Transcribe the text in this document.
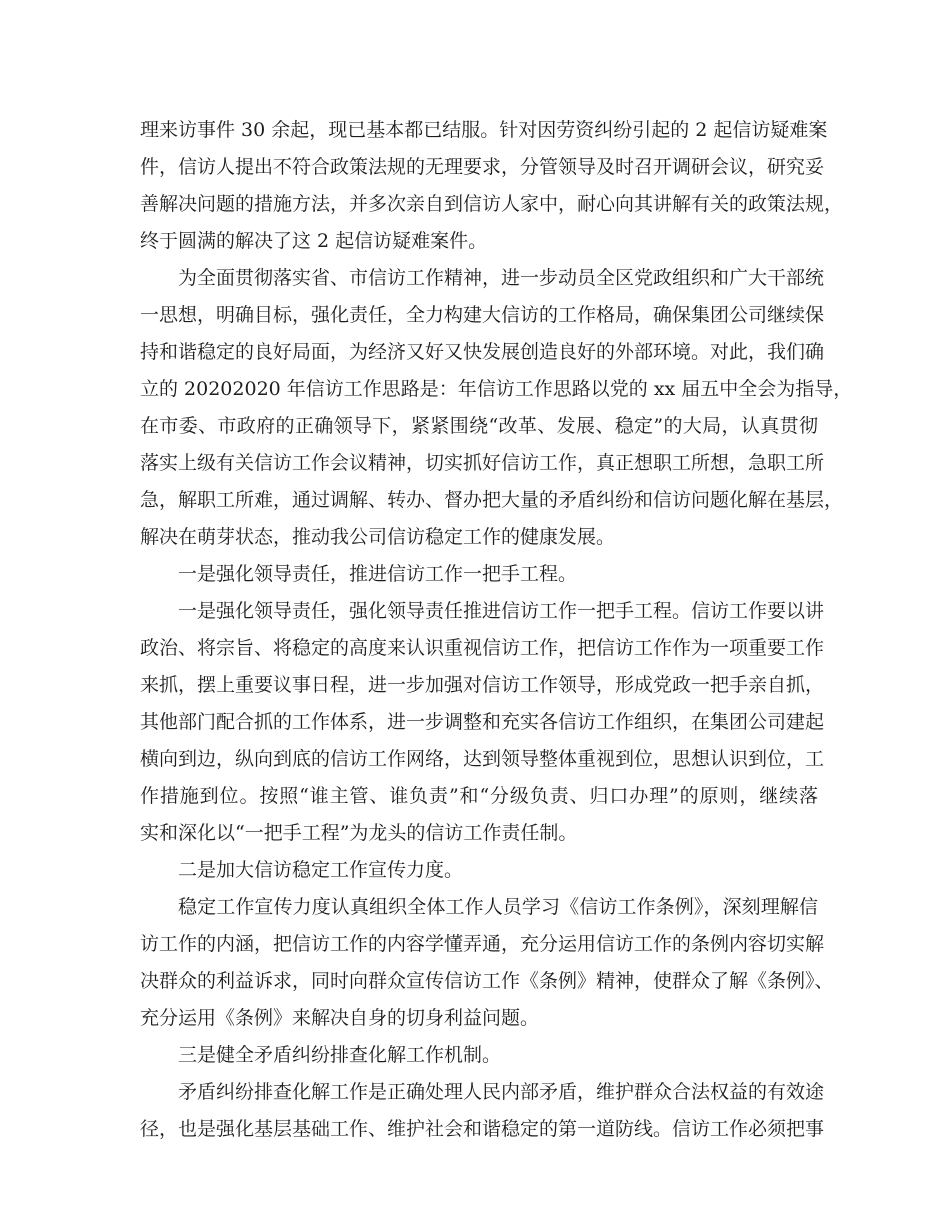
理来访事件 30 余起，现已基本都已结服。针对因劳资纠纷引起的 2 起信访疑难案
件，信访人提出不符合政策法规的无理要求，分管领导及时召开调研会议，研究妥
善解决问题的措施方法，并多次亲自到信访人家中，耐心向其讲解有关的政策法规，
终于圆满的解决了这 2 起信访疑难案件。
为全面贯彻落实省、市信访工作精神，进一步动员全区党政组织和广大干部统
一思想，明确目标，强化责任，全力构建大信访的工作格局，确保集团公司继续保
持和谐稳定的良好局面，为经济又好又快发展创造良好的外部环境。对此，我们确
立的 20202020 年信访工作思路是：年信访工作思路以党的 xx 届五中全会为指导，
在市委、市政府的正确领导下，紧紧围绕“改革、发展、稳定”的大局，认真贯彻
落实上级有关信访工作会议精神，切实抓好信访工作，真正想职工所想，急职工所
急，解职工所难，通过调解、转办、督办把大量的矛盾纠纷和信访问题化解在基层，
解决在萌芽状态，推动我公司信访稳定工作的健康发展。
一是强化领导责任，推进信访工作一把手工程。
一是强化领导责任，强化领导责任推进信访工作一把手工程。信访工作要以讲
政治、将宗旨、将稳定的高度来认识重视信访工作，把信访工作作为一项重要工作
来抓，摆上重要议事日程，进一步加强对信访工作领导，形成党政一把手亲自抓，
其他部门配合抓的工作体系，进一步调整和充实各信访工作组织，在集团公司建起
横向到边，纵向到底的信访工作网络，达到领导整体重视到位，思想认识到位，工
作措施到位。按照“谁主管、谁负责”和“分级负责、归口办理”的原则，继续落
实和深化以“一把手工程”为龙头的信访工作责任制。
二是加大信访稳定工作宣传力度。
稳定工作宣传力度认真组织全体工作人员学习《信访工作条例》，深刻理解信
访工作的内涵，把信访工作的内容学懂弄通，充分运用信访工作的条例内容切实解
决群众的利益诉求，同时向群众宣传信访工作《条例》精神，使群众了解《条例》、
充分运用《条例》来解决自身的切身利益问题。
三是健全矛盾纠纷排查化解工作机制。
矛盾纠纷排查化解工作是正确处理人民内部矛盾，维护群众合法权益的有效途
径，也是强化基层基础工作、维护社会和谐稳定的第一道防线。信访工作必须把事
